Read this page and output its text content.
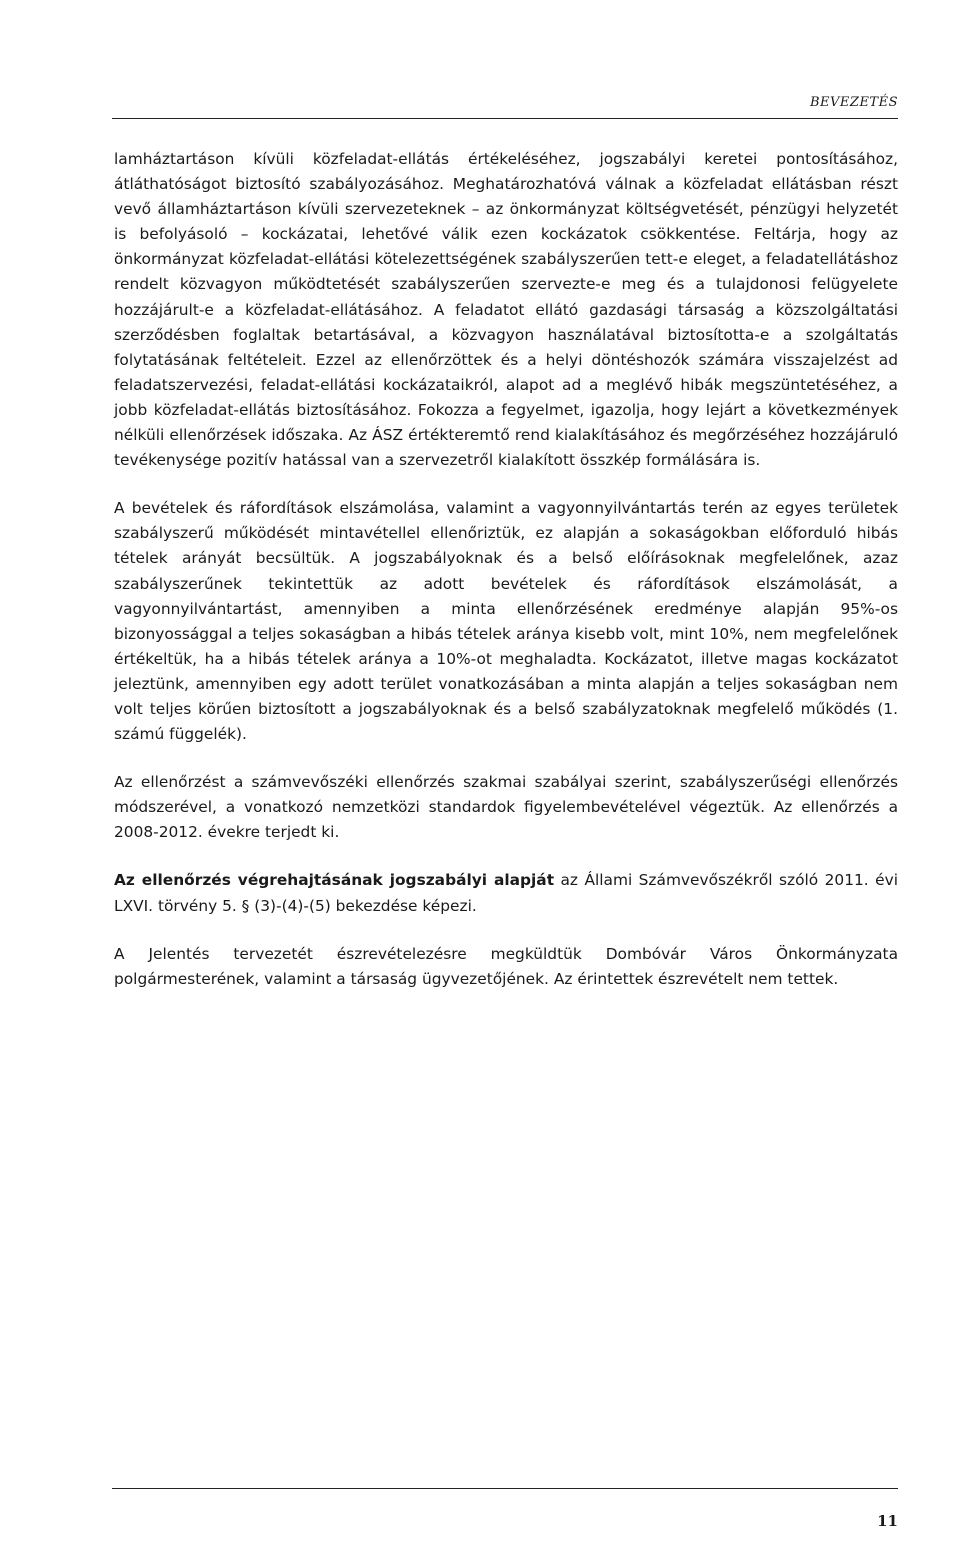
BEVEZETÉS

lamháztartáson kívüli közfeladat-ellátás értékeléséhez, jogszabályi keretei pontosításához, átláthatóságot biztosító szabályozásához. Meghatározhatóvá válnak a közfeladat ellátásban részt vevő államháztartáson kívüli szervezeteknek – az önkormányzat költségvetését, pénzügyi helyzetét is befolyásoló – kockázatai, lehetővé válik ezen kockázatok csökkentése. Feltárja, hogy az önkormányzat közfeladat-ellátási kötelezettségének szabályszerűen tett-e eleget, a feladatellátáshoz rendelt közvagyon működtetését szabályszerűen szervezte-e meg és a tulajdonosi felügyelete hozzájárult-e a közfeladat-ellátásához. A feladatot ellátó gazdasági társaság a közszolgáltatási szerződésben foglaltak betartásával, a közvagyon használatával biztosította-e a szolgáltatás folytatásának feltételeit. Ezzel az ellenőrzöttek és a helyi döntéshozók számára visszajelzést ad feladatszervezési, feladat-ellátási kockázataikról, alapot ad a meglévő hibák megszüntetéséhez, a jobb közfeladat-ellátás biztosításához. Fokozza a fegyelmet, igazolja, hogy lejárt a következmények nélküli ellenőrzések időszaka. Az ÁSZ értékteremtő rend kialakításához és megőrzéséhez hozzájáruló tevékenysége pozitív hatással van a szervezetről kialakított összkép formálására is.

A bevételek és ráfordítások elszámolása, valamint a vagyonnyilvántartás terén az egyes területek szabályszerű működését mintavétellel ellenőriztük, ez alapján a sokaságokban előforduló hibás tételek arányát becsültük. A jogszabályoknak és a belső előírásoknak megfelelőnek, azaz szabályszerűnek tekintettük az adott bevételek és ráfordítások elszámolását, a vagyonnyilvántartást, amennyiben a minta ellenőrzésének eredménye alapján 95%-os bizonyossággal a teljes sokaságban a hibás tételek aránya kisebb volt, mint 10%, nem megfelelőnek értékeltük, ha a hibás tételek aránya a 10%-ot meghaladta. Kockázatot, illetve magas kockázatot jeleztünk, amennyiben egy adott terület vonatkozásában a minta alapján a teljes sokaságban nem volt teljes körűen biztosított a jogszabályoknak és a belső szabályzatoknak megfelelő működés (1. számú függelék).

Az ellenőrzést a számvevőszéki ellenőrzés szakmai szabályai szerint, szabályszerűségi ellenőrzés módszerével, a vonatkozó nemzetközi standardok figyelembevételével végeztük. Az ellenőrzés a 2008-2012. évekre terjedt ki.

Az ellenőrzés végrehajtásának jogszabályi alapját az Állami Számvevőszékről szóló 2011. évi LXVI. törvény 5. § (3)-(4)-(5) bekezdése képezi.

A Jelentés tervezetét észrevételezésre megküldtük Dombóvár Város Önkormányzata polgármesterének, valamint a társaság ügyvezetőjének. Az érintettek észrevételt nem tettek.

11
